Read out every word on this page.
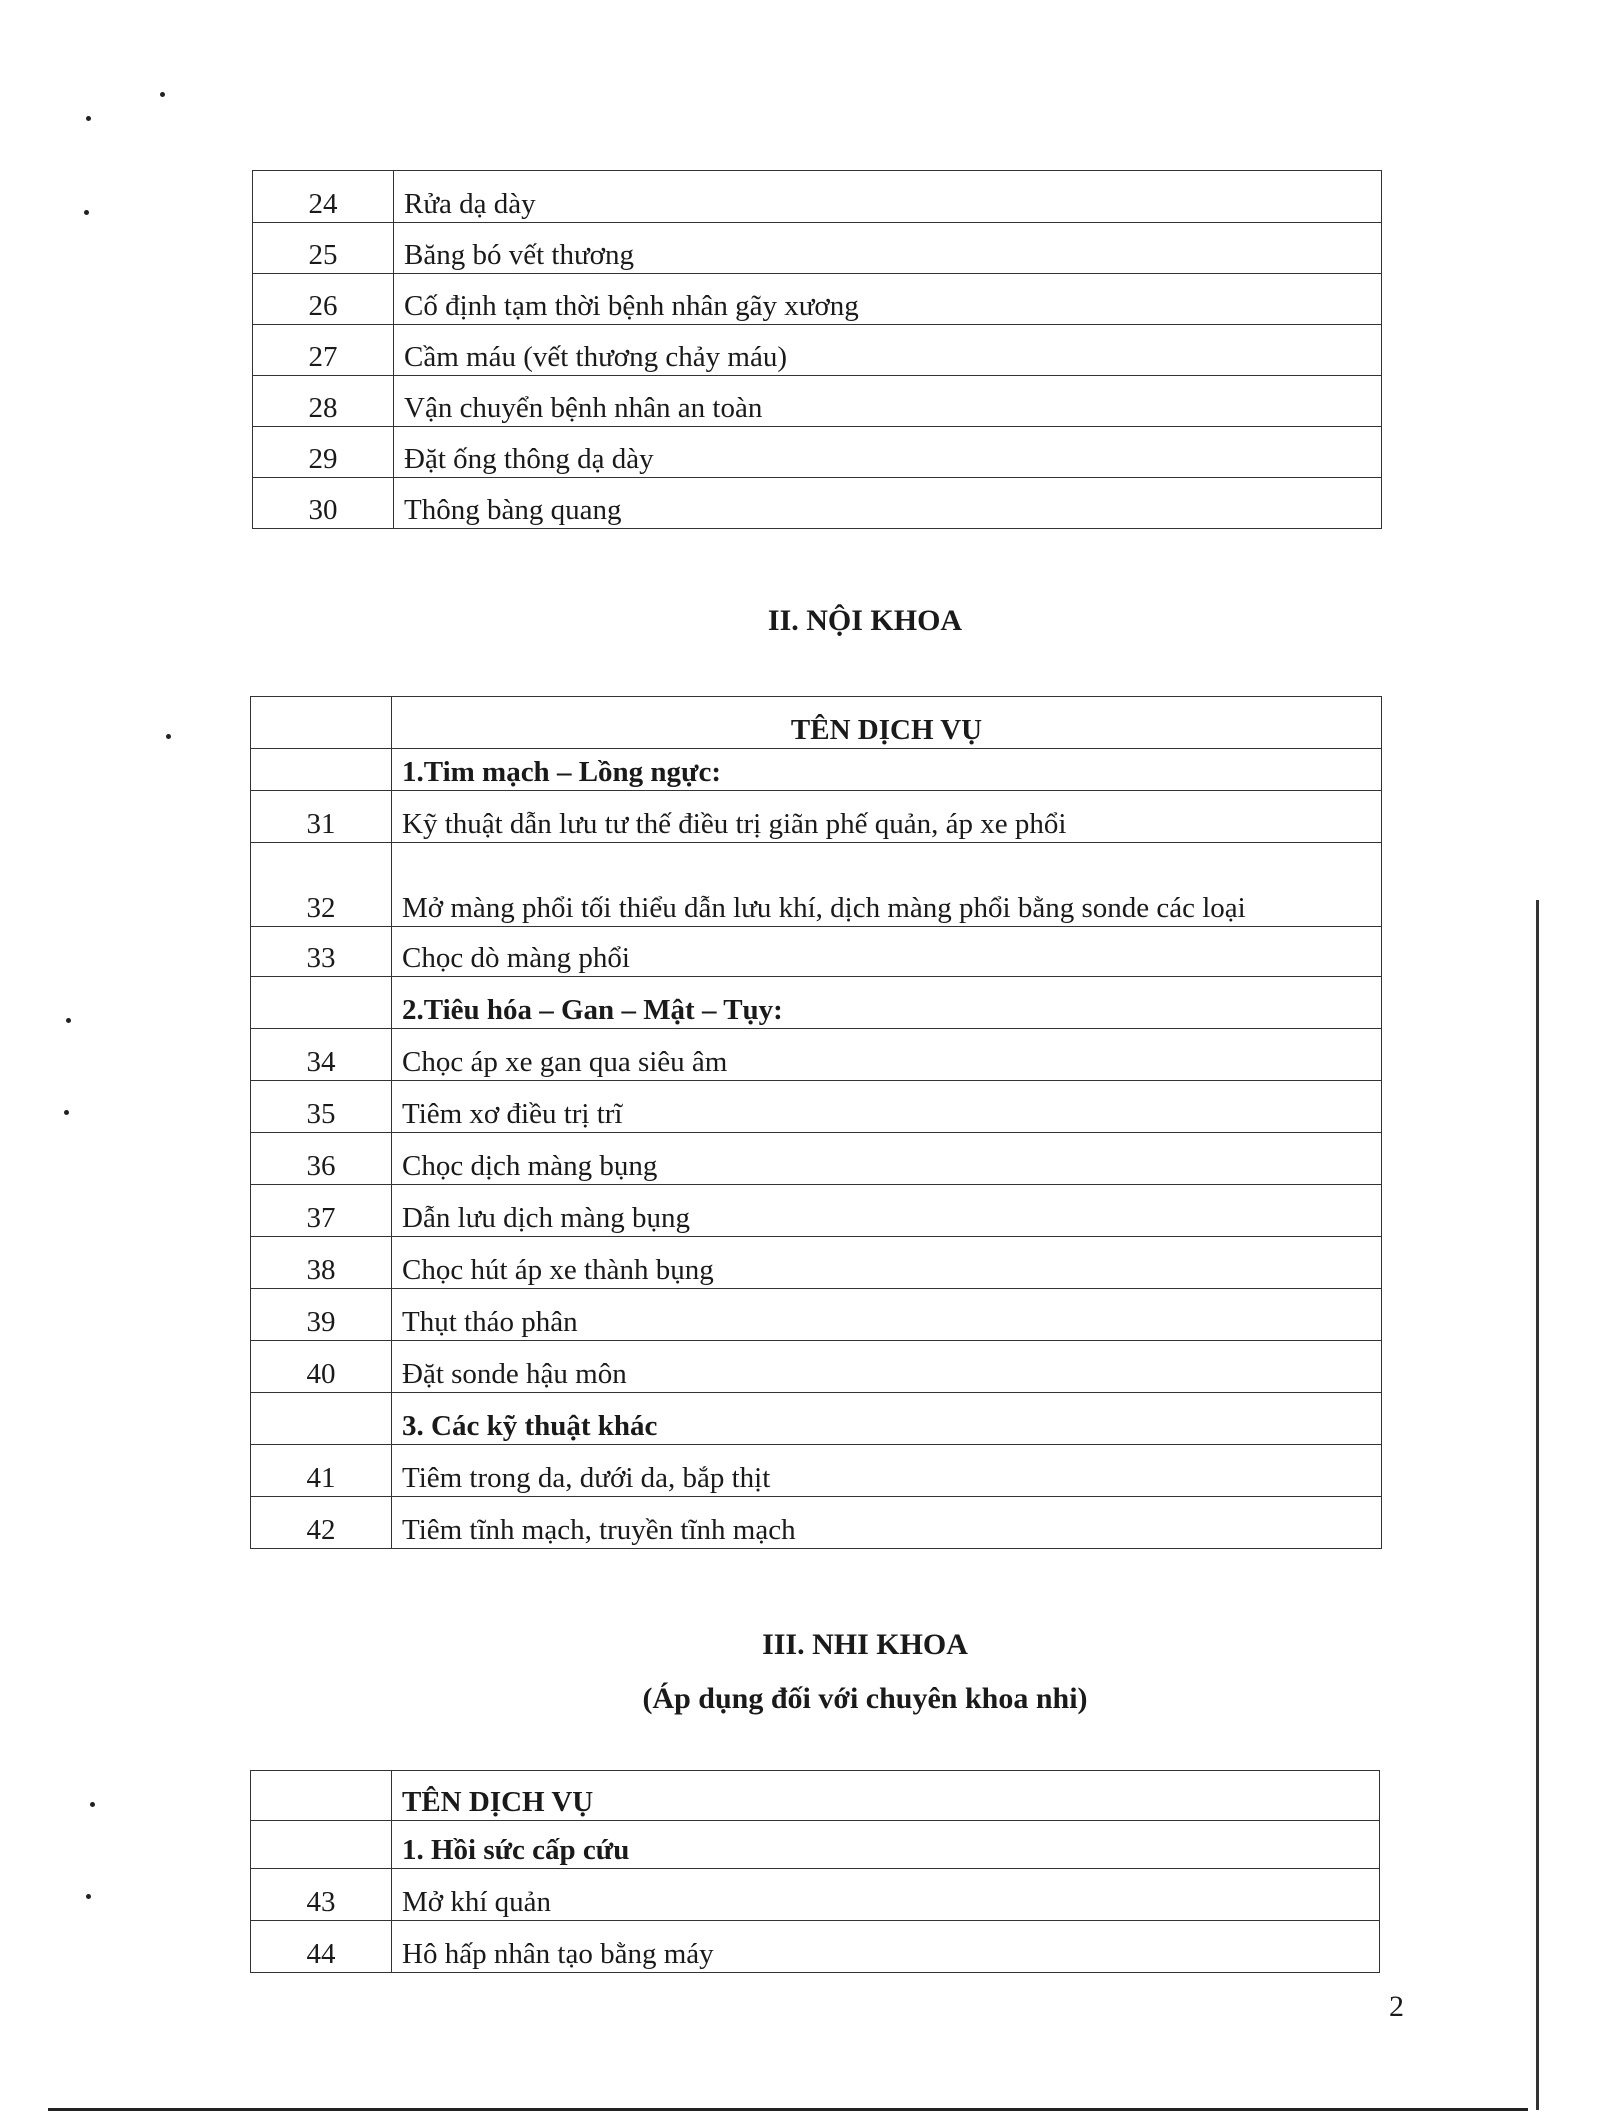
24	Rửa dạ dày
25	Băng bó vết thương
26	Cố định tạm thời bệnh nhân gãy xương
27	Cầm máu (vết thương chảy máu)
28	Vận chuyển bệnh nhân an toàn
29	Đặt ống thông dạ dày
30	Thông bàng quang
II. NỘI KHOA
	TÊN DỊCH VỤ
	1.Tim mạch – Lồng ngực:
31	Kỹ thuật dẫn lưu tư thế điều trị giãn phế quản, áp xe phổi
32	Mở màng phổi tối thiểu dẫn lưu khí, dịch màng phổi bằng sonde các loại
33	Chọc dò màng phổi
	2.Tiêu hóa – Gan – Mật – Tụy:
34	Chọc áp xe gan qua siêu âm
35	Tiêm xơ điều trị trĩ
36	Chọc dịch màng bụng
37	Dẫn lưu dịch màng bụng
38	Chọc hút áp xe thành bụng
39	Thụt tháo phân
40	Đặt sonde hậu môn
	3. Các kỹ thuật khác
41	Tiêm trong da, dưới da, bắp thịt
42	Tiêm tĩnh mạch, truyền tĩnh mạch
III. NHI KHOA
(Áp dụng đối với chuyên khoa nhi)
	TÊN DỊCH VỤ
	1. Hồi sức cấp cứu
43	Mở khí quản
44	Hô hấp nhân tạo bằng máy
2
